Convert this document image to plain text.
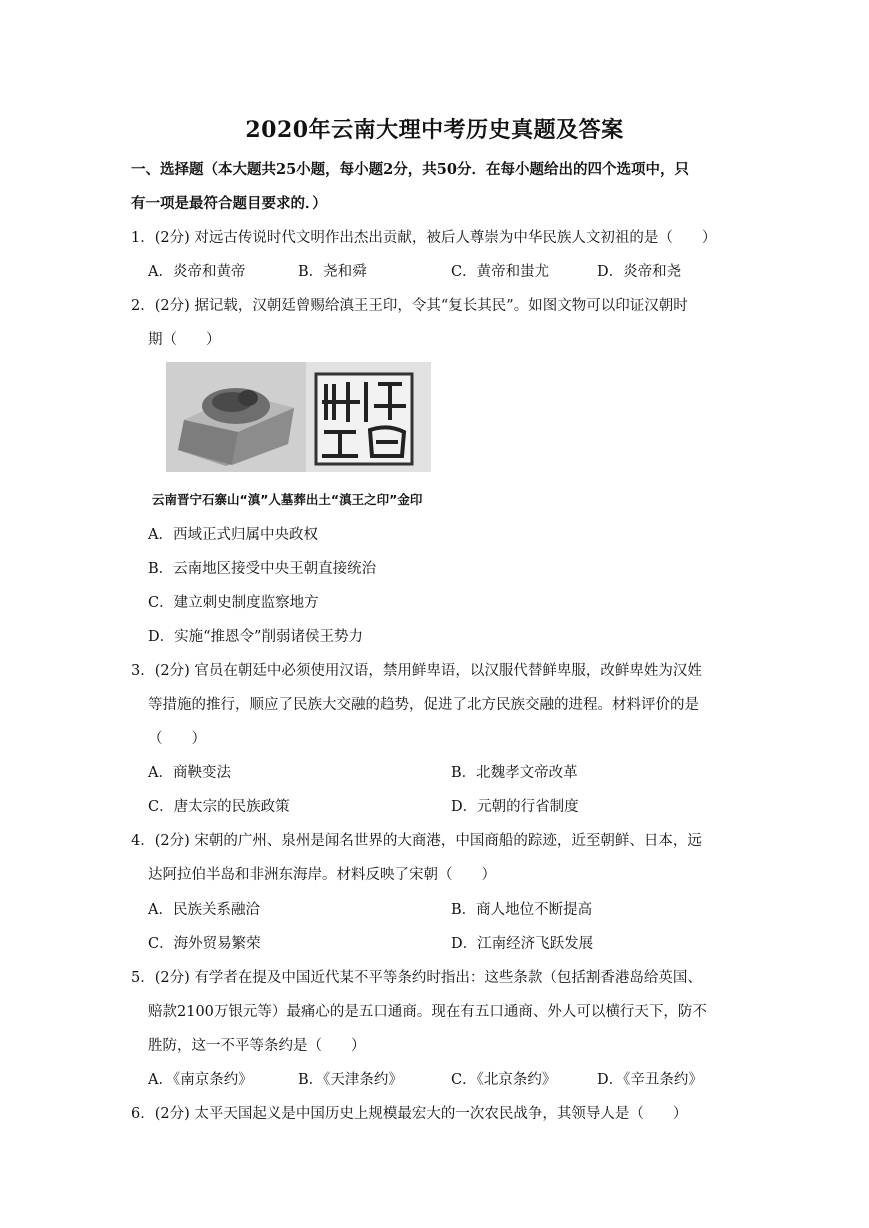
2020年云南大理中考历史真题及答案
一、选择题（本大题共25小题，每小题2分，共50分．在每小题给出的四个选项中，只
有一项是最符合题目要求的．）
1．(2分) 对远古传说时代文明作出杰出贡献，被后人尊崇为中华民族人文初祖的是（　　）
A．炎帝和黄帝	B．尧和舜	C．黄帝和蚩尤	D．炎帝和尧
2．(2分) 据记载，汉朝廷曾赐给滇王王印，令其“复长其民”。如图文物可以印证汉朝时
期（　　）
云南晋宁石寨山“滇”人墓葬出土“滇王之印”金印
A．西域正式归属中央政权
B．云南地区接受中央王朝直接统治
C．建立刺史制度监察地方
D．实施“推恩令”削弱诸侯王势力
3．(2分) 官员在朝廷中必须使用汉语，禁用鲜卑语，以汉服代替鲜卑服，改鲜卑姓为汉姓
等措施的推行，顺应了民族大交融的趋势，促进了北方民族交融的进程。材料评价的是
（　　）
A．商鞅变法	B．北魏孝文帝改革
C．唐太宗的民族政策	D．元朝的行省制度
4．(2分) 宋朝的广州、泉州是闻名世界的大商港，中国商船的踪迹，近至朝鲜、日本，远
达阿拉伯半岛和非洲东海岸。材料反映了宋朝（　　）
A．民族关系融洽	B．商人地位不断提高
C．海外贸易繁荣	D．江南经济飞跃发展
5．(2分) 有学者在提及中国近代某不平等条约时指出：这些条款（包括割香港岛给英国、
赔款2100万银元等）最痛心的是五口通商。现在有五口通商、外人可以横行天下，防不
胜防，这一不平等条约是（　　）
A．《南京条约》	B．《天津条约》	C．《北京条约》	D．《辛丑条约》
6．(2分) 太平天国起义是中国历史上规模最宏大的一次农民战争，其领导人是（　　）
